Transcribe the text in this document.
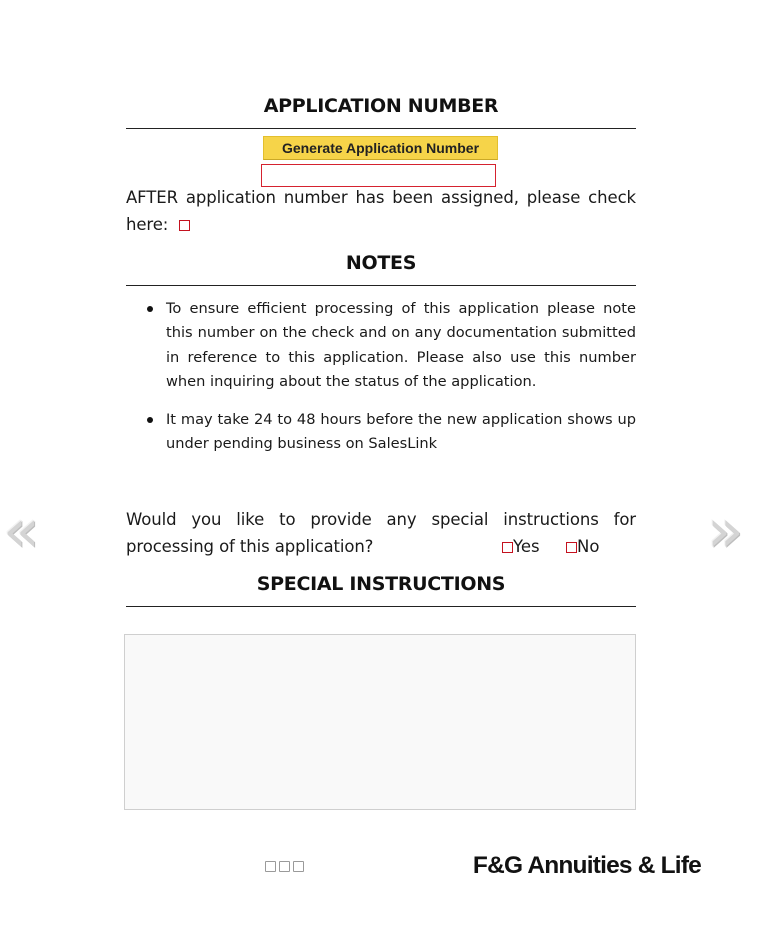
APPLICATION NUMBER
Generate Application Number
AFTER application number has been assigned, please check here:
NOTES
To ensure efficient processing of this application please note this number on the check and on any documentation submitted in reference to this application. Please also use this number when inquiring about the status of the application.
It may take 24 to 48 hours before the new application shows up under pending business on SalesLink
«	»
Would you like to provide any special instructions for processing of this application?	Yes	No
SPECIAL INSTRUCTIONS
F&G Annuities & Life
